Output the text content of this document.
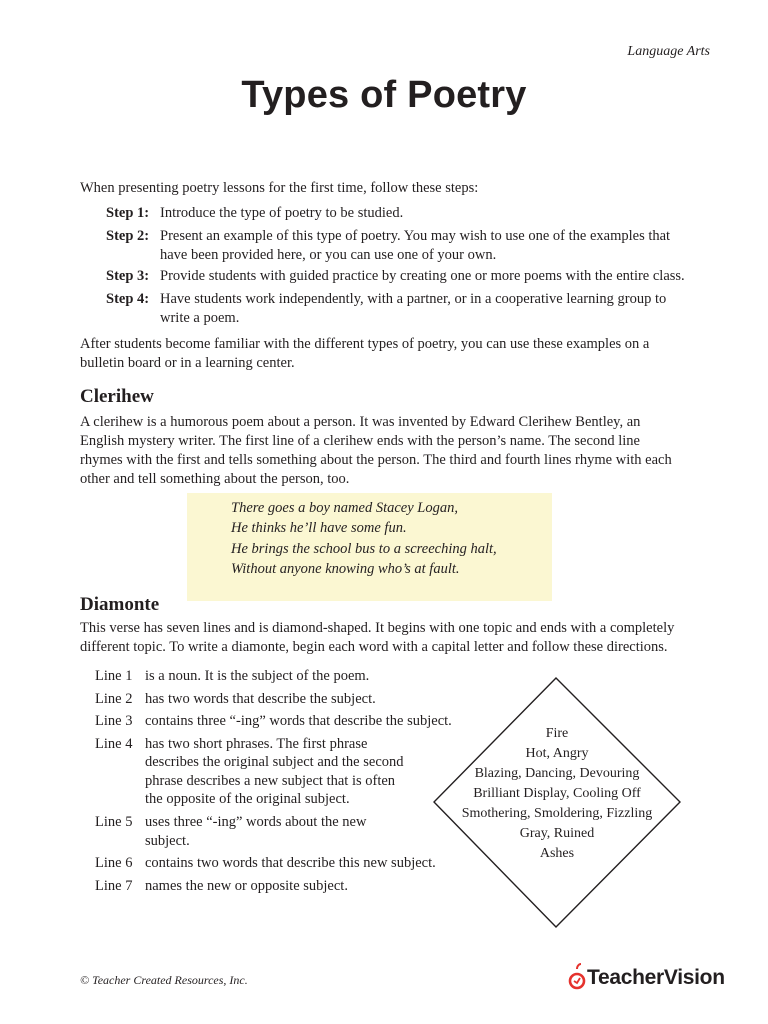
Language Arts
Types of Poetry
When presenting poetry lessons for the first time, follow these steps:
Step 1: Introduce the type of poetry to be studied.
Step 2: Present an example of this type of poetry. You may wish to use one of the examples that
have been provided here, or you can use one of your own.
Step 3: Provide students with guided practice by creating one or more poems with the entire class.
Step 4: Have students work independently, with a partner, or in a cooperative learning group to
write a poem.
After students become familiar with the different types of poetry, you can use these examples on a
bulletin board or in a learning center.
Clerihew
A clerihew is a humorous poem about a person. It was invented by Edward Clerihew Bentley, an
English mystery writer. The first line of a clerihew ends with the person’s name. The second line
rhymes with the first and tells something about the person. The third and fourth lines rhyme with each
other and tell something about the person, too.
There goes a boy named Stacey Logan,
He thinks he’ll have some fun.
He brings the school bus to a screeching halt,
Without anyone knowing who’s at fault.
Diamonte
This verse has seven lines and is diamond-shaped. It begins with one topic and ends with a completely
different topic. To write a diamonte, begin each word with a capital letter and follow these directions.
Line 1 is a noun. It is the subject of the poem.
Line 2 has two words that describe the subject.
Line 3 contains three “-ing” words that describe the subject.
Line 4 has two short phrases. The first phrase
describes the original subject and the second
phrase describes a new subject that is often
the opposite of the original subject.
Line 5 uses three “-ing” words about the new
subject.
Line 6 contains two words that describe this new subject.
Line 7 names the new or opposite subject.
Fire
Hot, Angry
Blazing, Dancing, Devouring
Brilliant Display, Cooling Off
Smothering, Smoldering, Fizzling
Gray, Ruined
Ashes
© Teacher Created Resources, Inc.	TeacherVision
